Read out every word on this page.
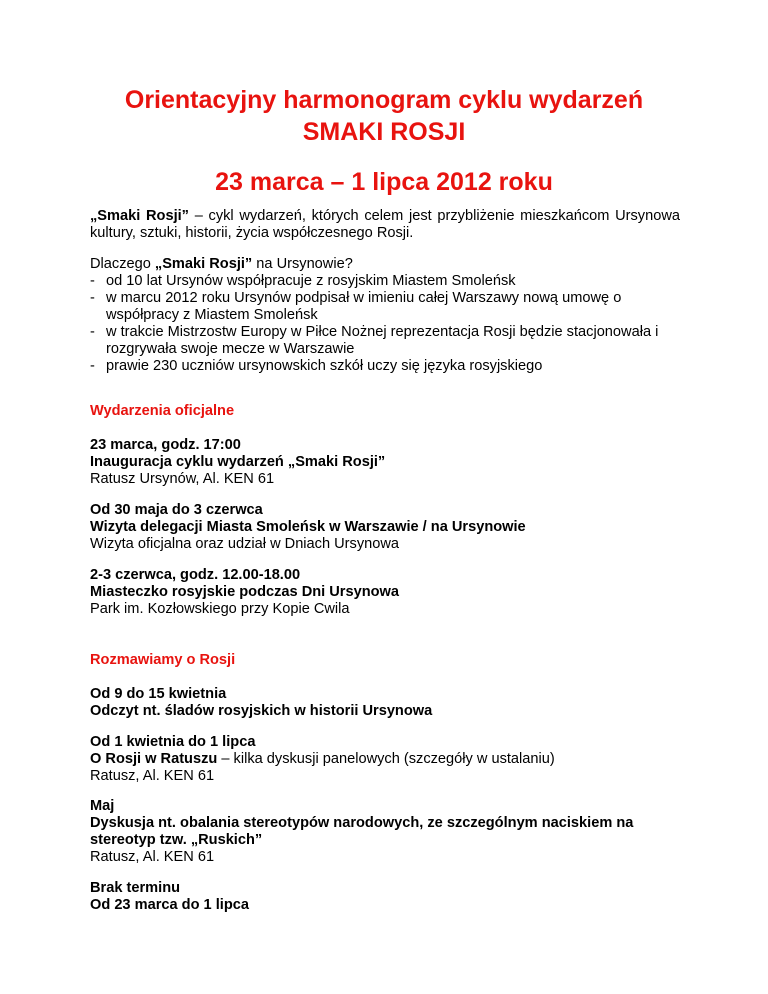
Orientacyjny harmonogram cyklu wydarzeń
SMAKI ROSJI
23 marca – 1 lipca 2012 roku
„Smaki Rosji” – cykl wydarzeń, których celem jest przybliżenie mieszkańcom Ursynowa kultury, sztuki, historii, życia współczesnego Rosji.
Dlaczego „Smaki Rosji” na Ursynowie?
- od 10 lat Ursynów współpracuje z rosyjskim Miastem Smoleńsk
- w marcu 2012 roku Ursynów podpisał w imieniu całej Warszawy nową umowę o współpracy z Miastem Smoleńsk
- w trakcie Mistrzostw Europy w Piłce Nożnej reprezentacja Rosji będzie stacjonowała i rozgrywała swoje mecze w Warszawie
- prawie 230 uczniów ursynowskich szkół uczy się języka rosyjskiego
Wydarzenia oficjalne

23 marca, godz. 17:00

Inauguracja cyklu wydarzeń „Smaki Rosji”

Ratusz Ursynów, Al. KEN 61

Od 30 maja do 3 czerwca

Wizyta delegacji Miasta Smoleńsk w Warszawie / na Ursynowie

Wizyta oficjalna oraz udział w Dniach Ursynowa

2-3 czerwca, godz. 12.00-18.00

Miasteczko rosyjskie podczas Dni Ursynowa

Park im. Kozłowskiego przy Kopie Cwila

Rozmawiamy o Rosji

Od 9 do 15 kwietnia

Odczyt nt. śladów rosyjskich w historii Ursynowa

Od 1 kwietnia do 1 lipca

O Rosji w Ratuszu – kilka dyskusji panelowych (szczegóły w ustalaniu)

Ratusz, Al. KEN 61

Maj

Dyskusja nt. obalania stereotypów narodowych, ze szczególnym naciskiem na stereotyp tzw. „Ruskich”

Ratusz, Al. KEN 61

Brak terminu

Od 23 marca do 1 lipca
